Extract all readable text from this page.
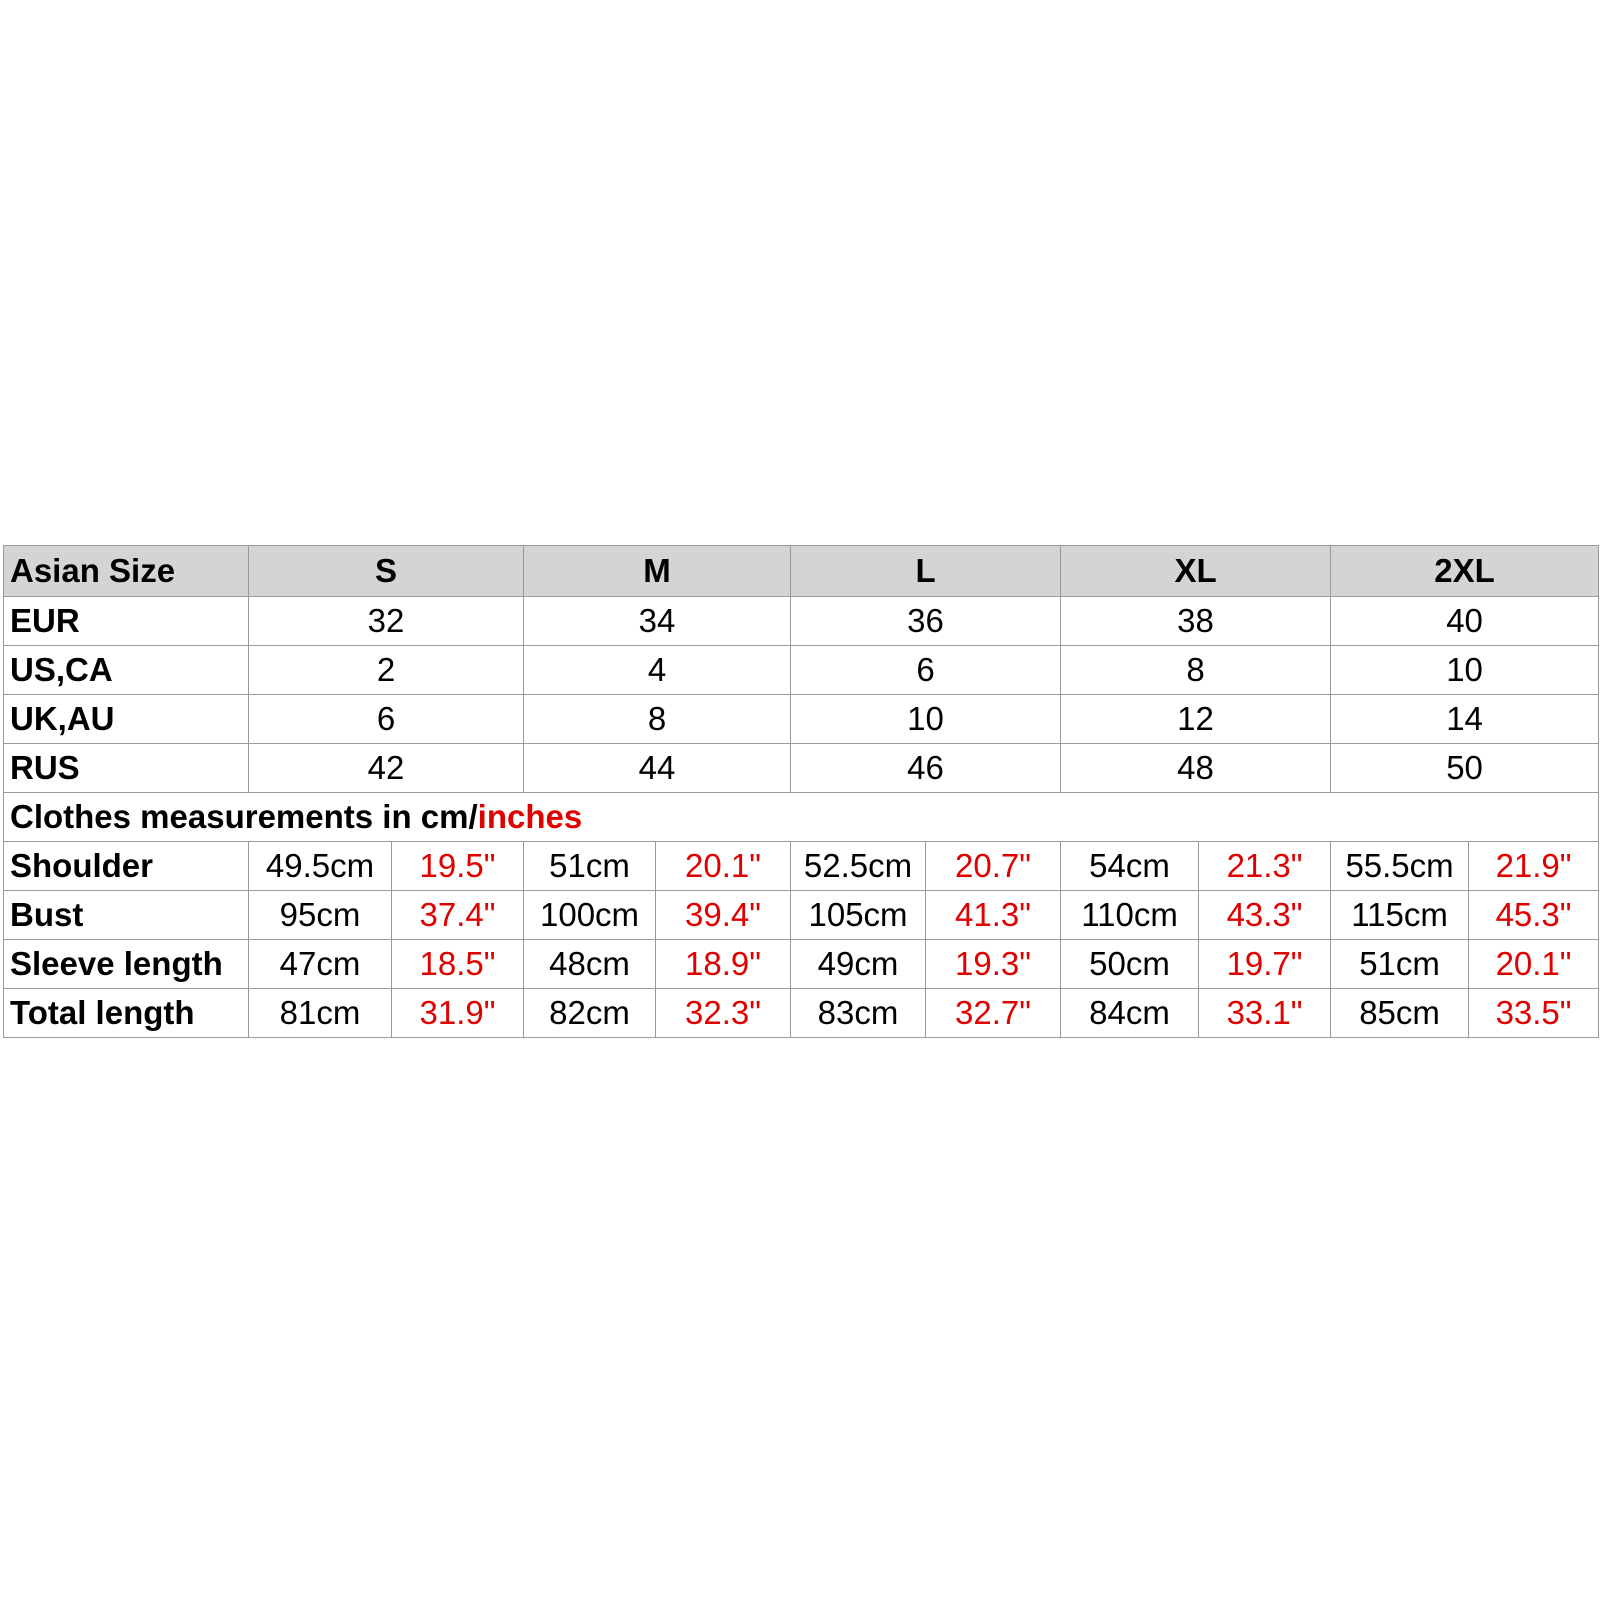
Asian Size	S		M		L		XL		2XL	
EUR	32		34		36		38		40	
US,CA	2		4		6		8		10	
UK,AU	6		8		10		12		14	
RUS	42		44		46		48		50	
Clothes measurements in cm/inches										
Shoulder	49.5cm	19.5"	51cm	20.1"	52.5cm	20.7"	54cm	21.3"	55.5cm	21.9"
Bust	95cm	37.4"	100cm	39.4"	105cm	41.3"	110cm	43.3"	115cm	45.3"
Sleeve length	47cm	18.5"	48cm	18.9"	49cm	19.3"	50cm	19.7"	51cm	20.1"
Total length	81cm	31.9"	82cm	32.3"	83cm	32.7"	84cm	33.1"	85cm	33.5"
